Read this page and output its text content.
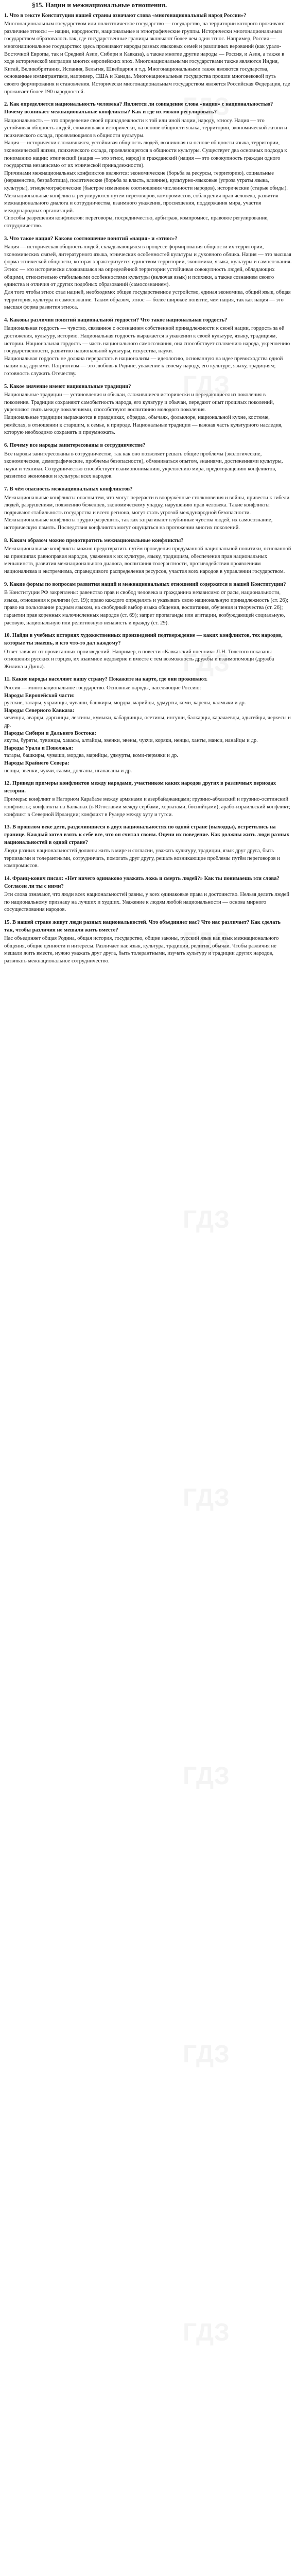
§15. Нации и межнациональные отношения.
1. Что в тексте Конституции нашей страны означают слова «многонациональный народ России»?

Многонациональным государством или полиэтническое государство — государство, на территории которого проживают различные этносы — нации, народности, национальные и этнографические группы. Исторически многонациональным государством образовалось так, где государственные границы включают более чем один этнос. Например, Россия — многонациональное государство: здесь проживают народы разных языковых семей и различных верований (как урало-Восточной Европы, так и Средней Азии, Сибири и Кавказа), а также многие другие народы — Россия, и Азия, а также в ходе исторической миграции многих европейских эпох. Многонациональными государствами также являются Индия, Китай, Великобритания, Испания, Бельгия, Швейцария и т.д. Многонациональными также являются государства, основанные иммигрантами, например, США и Канада. Многонациональные государства прошли многовековой путь своего формирования и становления. Исторически многонациональным государством является Российская Федерация, где проживает более 190 народностей.

2. Как определяется национальность человека? Является ли совпадение слова «нация» с национальностью? Почему возникает межнациональные конфликты? Как и где их можно регулировать?

Национальность — это определение своей принадлежности к той или иной нации, народу, этносу. Нация — это устойчивая общность людей, сложившаяся исторически, на основе общности языка, территории, экономической жизни и психического склада, проявляющаяся в общности культуры.

Нация — исторически сложившаяся, устойчивая общность людей, возникшая на основе общности языка, территории, экономической жизни, психического склада, проявляющегося в общности культуры. Существует два основных подхода к пониманию нации: этнический (нация — это этнос, народ) и гражданский (нация — это совокупность граждан одного государства независимо от их этнической принадлежности).

Причинами межнациональных конфликтов являются: экономические (борьба за ресурсы, территорию), социальные (неравенство, безработица), политические (борьба за власть, влияние), культурно-языковые (угроза утраты языка, культуры), этнодемографические (быстрое изменение соотношения численности народов), исторические (старые обиды).

Межнациональные конфликты регулируются путём переговоров, компромиссов, соблюдения прав человека, развития межнационального диалога и сотрудничества, взаимного уважения, просвещения, поддержания мира, участия международных организаций.

Способы разрешения конфликтов: переговоры, посредничество, арбитраж, компромисс, правовое регулирование, сотрудничество.

3. Что такое нация? Каково соотношение понятий «нация» и «этнос»?

Нация — историческая общность людей, складывающаяся в процессе формирования общности их территории, экономических связей, литературного языка, этнических особенностей культуры и духовного облика. Нация — это высшая форма этнической общности, которая характеризуется единством территории, экономики, языка, культуры и самосознания. Этнос — это исторически сложившаяся на определённой территории устойчивая совокупность людей, обладающих общими, относительно стабильными особенностями культуры (включая язык) и психики, а также сознанием своего единства и отличия от других подобных образований (самосознанием).

Для того чтобы этнос стал нацией, необходимо: общее государственное устройство, единая экономика, общий язык, общая территория, культура и самосознание. Таким образом, этнос — более широкое понятие, чем нация, так как нация — это высшая форма развития этноса.

4. Каковы различия понятий национальной гордости? Что такое национальная гордость?

Национальная гордость — чувство, связанное с осознанием собственной принадлежности к своей нации, гордость за её достижения, культуру, историю. Национальная гордость выражается в уважении к своей культуре, языку, традициям, истории. Национальная гордость — часть национального самосознания, она способствует сплочению народа, укреплению государственности, развитию национальной культуры, искусства, науки.

Национальная гордость не должна перерастать в национализм — идеологию, основанную на идее превосходства одной нации над другими. Патриотизм — это любовь к Родине, уважение к своему народу, его культуре, языку, традициям; готовность служить Отечеству.

5. Какое значение имеют национальные традиции?

Национальные традиции — установления и обычаи, сложившиеся исторически и передающиеся из поколения в поколение. Традиции сохраняют самобытность народа, его культуру и обычаи, передают опыт прошлых поколений, укрепляют связь между поколениями, способствуют воспитанию молодого поколения.

Национальные традиции выражаются в праздниках, обрядах, обычаях, фольклоре, национальной кухне, костюме, ремёслах, в отношении к старшим, к семье, к природе. Национальные традиции — важная часть культурного наследия, которую необходимо сохранять и приумножать.

6. Почему все народы заинтересованы в сотрудничестве?

Все народы заинтересованы в сотрудничестве, так как оно позволяет решать общие проблемы (экологические, экономические, демографические, проблемы безопасности), обмениваться опытом, знаниями, достижениями культуры, науки и техники. Сотрудничество способствует взаимопониманию, укреплению мира, предотвращению конфликтов, развитию экономики и культуры всех народов.

7. В чём опасность межнациональных конфликтов?

Межнациональные конфликты опасны тем, что могут перерасти в вооружённые столкновения и войны, привести к гибели людей, разрушениям, появлению беженцев, экономическому упадку, нарушению прав человека. Такие конфликты подрывают стабильность государства и всего региона, могут стать угрозой международной безопасности.

Межнациональные конфликты трудно разрешить, так как затрагивают глубинные чувства людей, их самосознание, историческую память. Последствия конфликтов могут ощущаться на протяжении многих поколений.

8. Каким образом можно предотвратить межнациональные конфликты?

Межнациональные конфликты можно предотвратить путём проведения продуманной национальной политики, основанной на принципах равноправия народов, уважения к их культуре, языку, традициям, обеспечения прав национальных меньшинств, развития межнационального диалога, воспитания толерантности, противодействия проявлениям национализма и экстремизма, справедливого распределения ресурсов, участия всех народов в управлении государством.

9. Какие формы по вопросам развития наций и межнациональных отношений содержатся в нашей Конституции?

В Конституции РФ закреплены: равенство прав и свобод человека и гражданина независимо от расы, национальности, языка, отношения к религии (ст. 19); право каждого определять и указывать свою национальную принадлежность (ст. 26); право на пользование родным языком, на свободный выбор языка общения, воспитания, обучения и творчества (ст. 26); гарантии прав коренных малочисленных народов (ст. 69); запрет пропаганды или агитации, возбуждающей социальную, расовую, национальную или религиозную ненависть и вражду (ст. 29).

10. Найди в учебных историях художественных произведений подтверждение — каких конфликтов, тех народов, которые ты знаешь, и кто что-то дал каждому?

Ответ зависит от прочитанных произведений. Например, в повести «Кавказский пленник» Л.Н. Толстого показаны отношения русских и горцев, их взаимное недоверие и вместе с тем возможность дружбы и взаимопомощи (дружба Жилина и Дины).

11. Какие народы населяют нашу страну? Покажите на карте, где они проживают.

Россия — многонациональное государство. Основные народы, населяющие Россию:

Народы Европейской части:

русские, татары, украинцы, чуваши, башкиры, мордва, марийцы, удмурты, коми, карелы, калмыки и др.

Народы Северного Кавказа:

чеченцы, аварцы, даргинцы, лезгины, кумыки, кабардинцы, осетины, ингуши, балкарцы, карачаевцы, адыгейцы, черкесы и др.

Народы Сибири и Дальнего Востока:

якуты, буряты, тувинцы, хакасы, алтайцы, эвенки, эвены, чукчи, коряки, ненцы, ханты, манси, нанайцы и др.

Народы Урала и Поволжья:

татары, башкиры, чуваши, мордва, марийцы, удмурты, коми-пермяки и др.

Народы Крайнего Севера:

ненцы, эвенки, чукчи, саами, долганы, нганасаны и др.

12. Приведи примеры конфликтов между народами, участником каких народов других в различных периодах истории.

Примеры: конфликт в Нагорном Карабахе между армянами и азербайджанцами; грузино-абхазский и грузино-осетинский конфликты; конфликты на Балканах (в Югославии между сербами, хорватами, боснийцами); арабо-израильский конфликт; конфликт в Северной Ирландии; конфликт в Руанде между хуту и тутси.

13. В прошлом веке дети, разделившиеся в двух национальностях по одной стране (выходцы), встретились на границе. Каждый хотел взять к себе все, что он считал своим. Оцени их поведение. Как должны жить люди разных национальностей в одной стране?

Люди разных национальностей должны жить в мире и согласии, уважать культуру, традиции, язык друг друга, быть терпимыми и толерантными, сотрудничать, помогать друг другу, решать возникающие проблемы путём переговоров и компромиссов.

14. Франц-кович писал: «Нет ничего одинаково уважать ложь и смерть людей?» Как ты понимаешь эти слова? Согласен ли ты с ними?

Эти слова означают, что люди всех национальностей равны, у всех одинаковые права и достоинство. Нельзя делить людей по национальному признаку на лучших и худших. Уважение к людям любой национальности — основа мирного сосуществования народов.

15. В нашей стране живут люди разных национальностей. Что объединяет нас? Что нас различает? Как сделать так, чтобы различия не мешали жить вместе?

Нас объединяет общая Родина, общая история, государство, общие законы, русский язык как язык межнационального общения, общие ценности и интересы. Различает нас язык, культура, традиции, религия, обычаи. Чтобы различия не мешали жить вместе, нужно уважать друг друга, быть толерантными, изучать культуру и традиции других народов, развивать межнациональное сотрудничество.

ГДЗ
ГДЗ
ГДЗ
ГДЗ
ГДЗ
ГДЗ
ГДЗ
ГДЗ
ГДЗ
